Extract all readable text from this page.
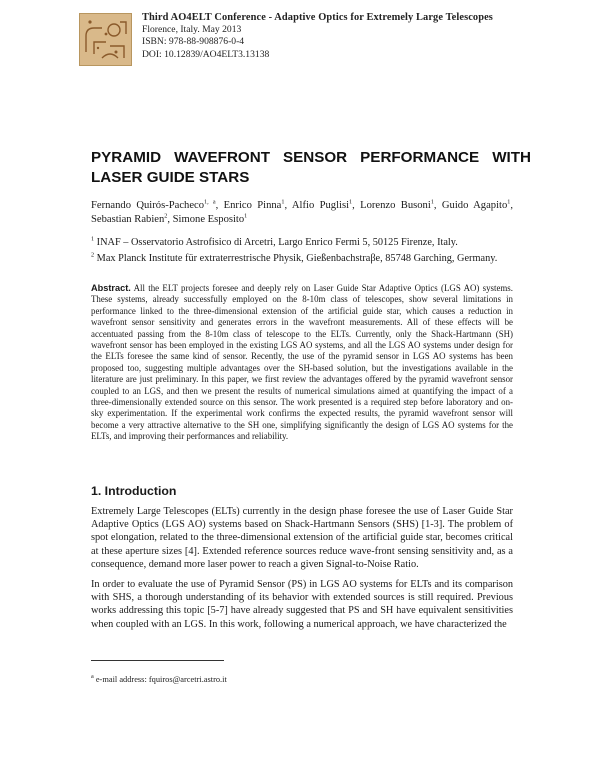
Third AO4ELT Conference - Adaptive Optics for Extremely Large Telescopes
Florence, Italy. May 2013
ISBN: 978-88-908876-0-4
DOI: 10.12839/AO4ELT3.13138
PYRAMID WAVEFRONT SENSOR PERFORMANCE WITH LASER GUIDE STARS
Fernando Quirós-Pacheco$^{1, a}$, Enrico Pinna$^1$, Alfio Puglisi$^1$, Lorenzo Busoni$^1$, Guido Agapito$^1$, Sebastian Rabien$^2$, Simone Esposito$^1$
$^1$ INAF – Osservatorio Astrofisico di Arcetri, Largo Enrico Fermi 5, 50125 Firenze, Italy.
$^2$ Max Planck Institute für extraterrestrische Physik, Gießenbachstraβe, 85748 Garching, Germany.
Abstract. All the ELT projects foresee and deeply rely on Laser Guide Star Adaptive Optics (LGS AO) systems. These systems, already successfully employed on the 8-10m class of telescopes, show several limitations in performance linked to the three-dimensional extension of the artificial guide star, which causes a reduction in wavefront sensor sensitivity and generates errors in the wavefront measurements. All of these effects will be accentuated passing from the 8-10m class of telescope to the ELTs. Currently, only the Shack-Hartmann (SH) wavefront sensor has been employed in the existing LGS AO systems, and all the LGS AO systems under design for the ELTs foresee the same kind of sensor. Recently, the use of the pyramid sensor in LGS AO systems has been proposed too, suggesting multiple advantages over the SH-based solution, but the investigations available in the literature are just preliminary. In this paper, we first review the advantages offered by the pyramid wavefront sensor coupled to an LGS, and then we present the results of numerical simulations aimed at quantifying the impact of a three-dimensionally extended source on this sensor. The work presented is a required step before laboratory and on-sky experimentation. If the experimental work confirms the expected results, the pyramid wavefront sensor will become a very attractive alternative to the SH one, simplifying significantly the design of LGS AO systems for the ELTs, and improving their performances and reliability.
1. Introduction

Extremely Large Telescopes (ELTs) currently in the design phase foresee the use of Laser Guide Star Adaptive Optics (LGS AO) systems based on Shack-Hartmann Sensors (SHS) [1-3]. The problem of spot elongation, related to the three-dimensional extension of the artificial guide star, becomes critical at these aperture sizes [4]. Extended reference sources reduce wave-front sensing sensitivity and, as a consequence, demand more laser power to reach a given Signal-to-Noise Ratio.

In order to evaluate the use of Pyramid Sensor (PS) in LGS AO systems for ELTs and its comparison with SHS, a thorough understanding of its behavior with extended sources is still required. Previous works addressing this topic [5-7] have already suggested that PS and SH have equivalent sensitivities when coupled with an LGS. In this work, following a numerical approach, we have characterized the

$^a$ e-mail address: fquiros@arcetri.astro.it
